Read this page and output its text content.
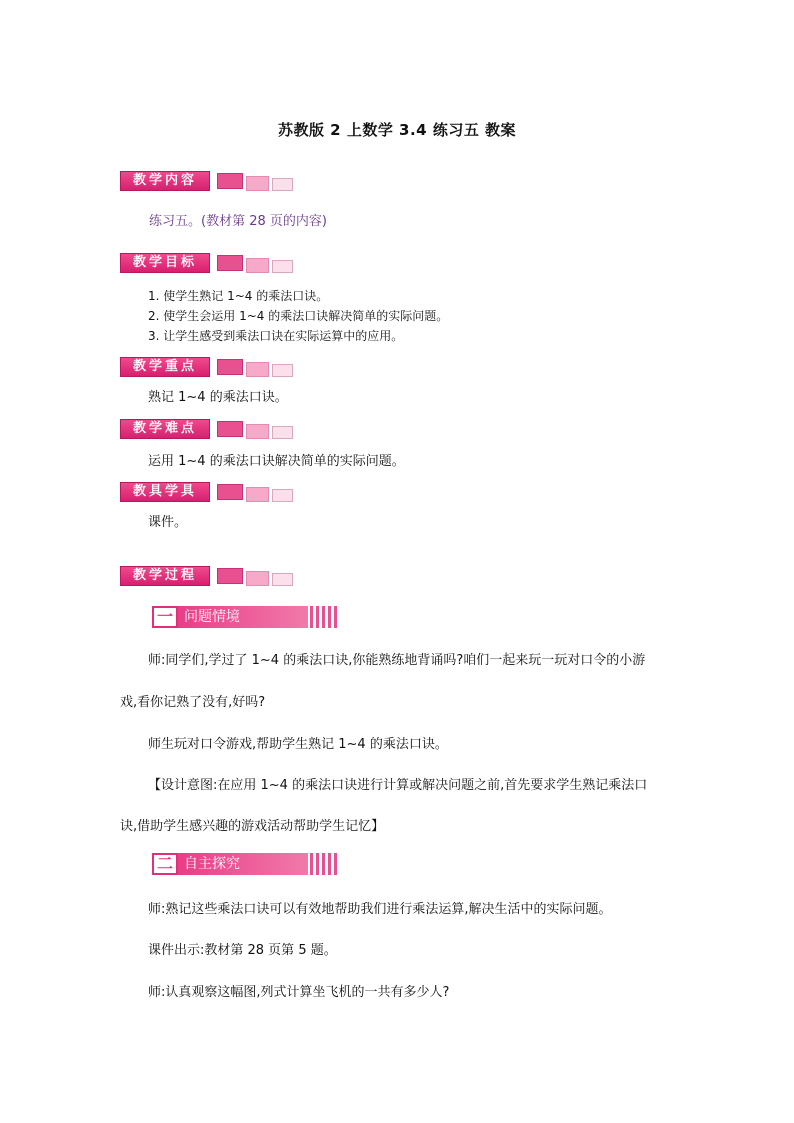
苏教版 2 上数学 3.4 练习五 教案
教学内容
练习五。(教材第 28 页的内容)
教学目标
1. 使学生熟记 1~4 的乘法口诀。
2. 使学生会运用 1~4 的乘法口诀解决简单的实际问题。
3. 让学生感受到乘法口诀在实际运算中的应用。
教学重点
熟记 1~4 的乘法口诀。
教学难点
运用 1~4 的乘法口诀解决简单的实际问题。
教具学具
课件。
教学过程
一 问题情境
师:同学们,学过了 1~4 的乘法口诀,你能熟练地背诵吗?咱们一起来玩一玩对口令的小游
戏,看你记熟了没有,好吗?
师生玩对口令游戏,帮助学生熟记 1~4 的乘法口诀。
【设计意图:在应用 1~4 的乘法口诀进行计算或解决问题之前,首先要求学生熟记乘法口
诀,借助学生感兴趣的游戏活动帮助学生记忆】
二 自主探究
师:熟记这些乘法口诀可以有效地帮助我们进行乘法运算,解决生活中的实际问题。
课件出示:教材第 28 页第 5 题。
师:认真观察这幅图,列式计算坐飞机的一共有多少人?
